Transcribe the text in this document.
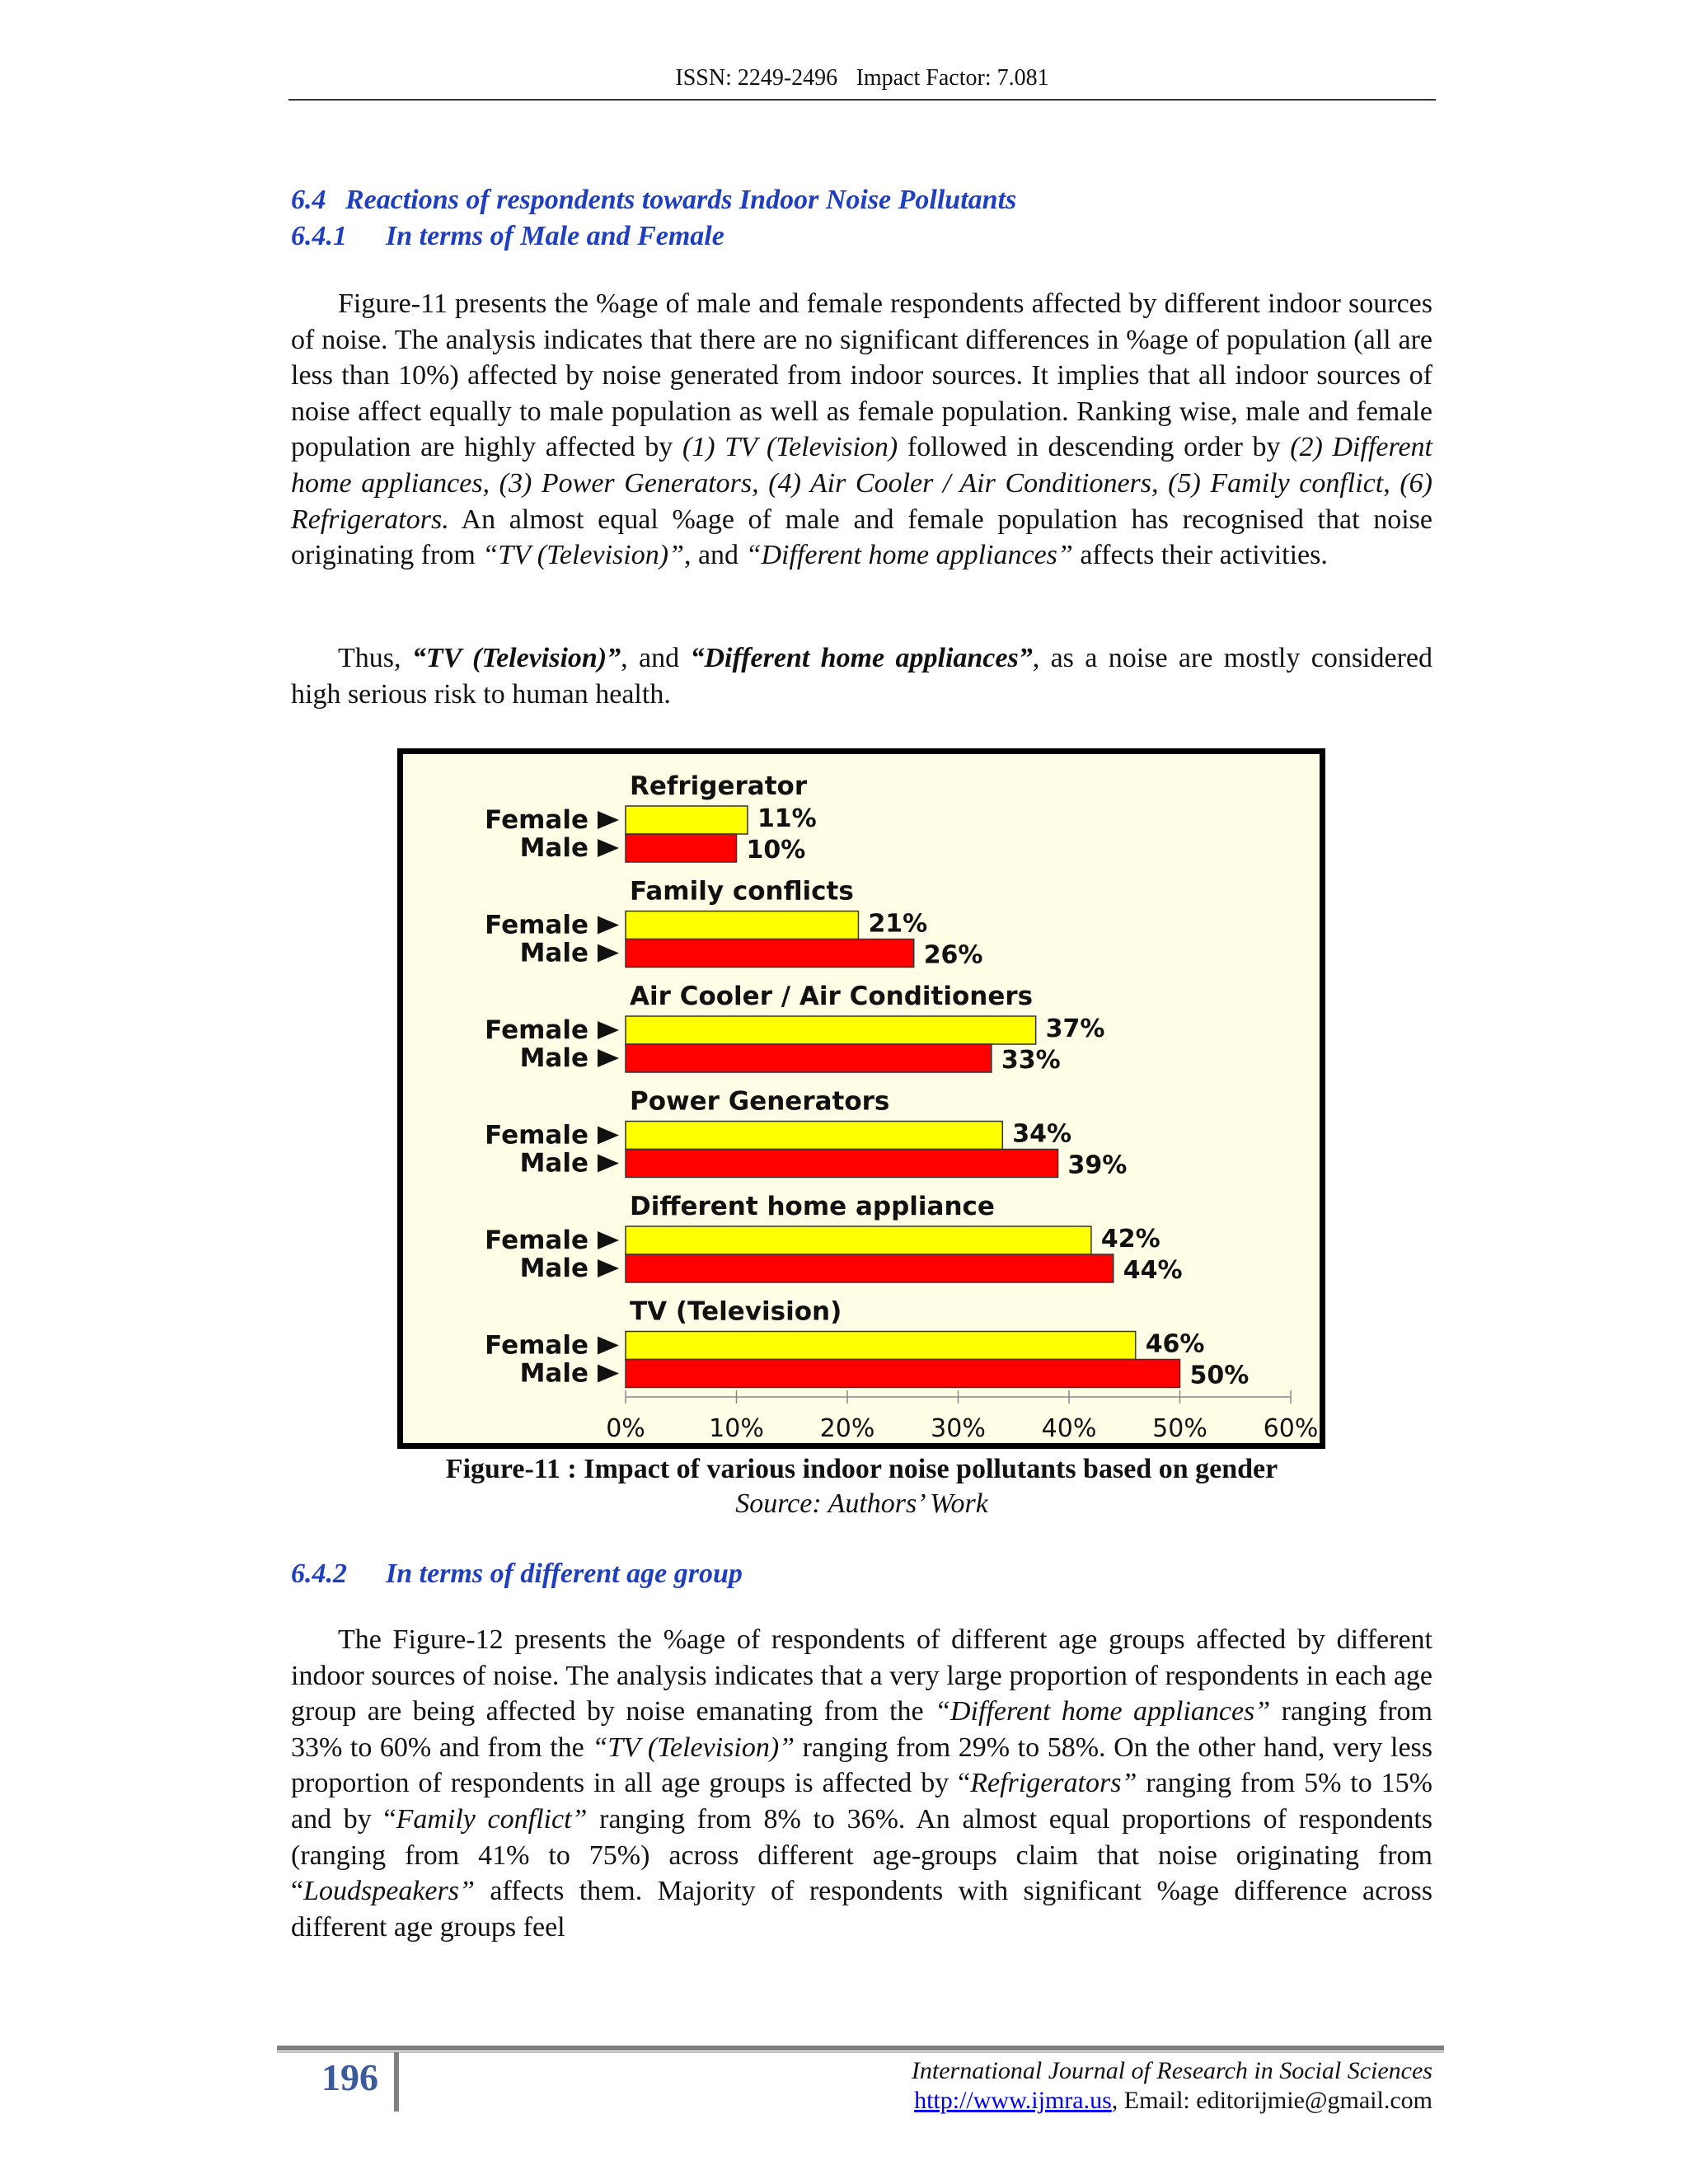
ISSN: 2249-2496Impact Factor: 7.081
6.4 Reactions of respondents towards Indoor Noise Pollutants
6.4.1 In terms of Male and Female
Figure-11 presents the %age of male and female respondents affected by different indoor sources of noise. The analysis indicates that there are no significant differences in %age of population (all are less than 10%) affected by noise generated from indoor sources. It implies that all indoor sources of noise affect equally to male population as well as female population. Ranking wise, male and female population are highly affected by (1) TV (Television) followed in descending order by (2) Different home appliances, (3) Power Generators, (4) Air Cooler / Air Conditioners, (5) Family conflict, (6) Refrigerators. An almost equal %age of male and female population has recognised that noise originating from “TV (Television)”, and “Different home appliances” affects their activities.
Thus, “TV (Television)”, and “Different home appliances”, as a noise are mostly considered high serious risk to human health.
Refrigerator
Female
Male
11%
10%
Family conflicts
Female
Male
21%
26%
Air Cooler / Air Conditioners
Female
Male
37%
33%
Power Generators
Female
Male
34%
39%
Different home appliance
Female
Male
42%
44%
TV (Television)
Female
Male
46%
50%
0%	10% 20% 30% 40% 50% 60%
Figure-11 : Impact of various indoor noise pollutants based on gender
Source: Authors’ Work
6.4.2 In terms of different age group
The Figure-12 presents the %age of respondents of different age groups affected by different indoor sources of noise. The analysis indicates that a very large proportion of respondents in each age group are being affected by noise emanating from the “Different home appliances” ranging from 33% to 60% and from the “TV (Television)” ranging from 29% to 58%. On the other hand, very less proportion of respondents in all age groups is affected by “Refrigerators” ranging from 5% to 15% and by “Family conflict” ranging from 8% to 36%. An almost equal proportions of respondents (ranging from 41% to 75%) across different age-groups claim that noise originating from “Loudspeakers” affects them. Majority of respondents with significant %age difference across different age groups feel
196	International Journal of Research in Social Sciences
http://www.ijmra.us, Email: editorijmie@gmail.com
